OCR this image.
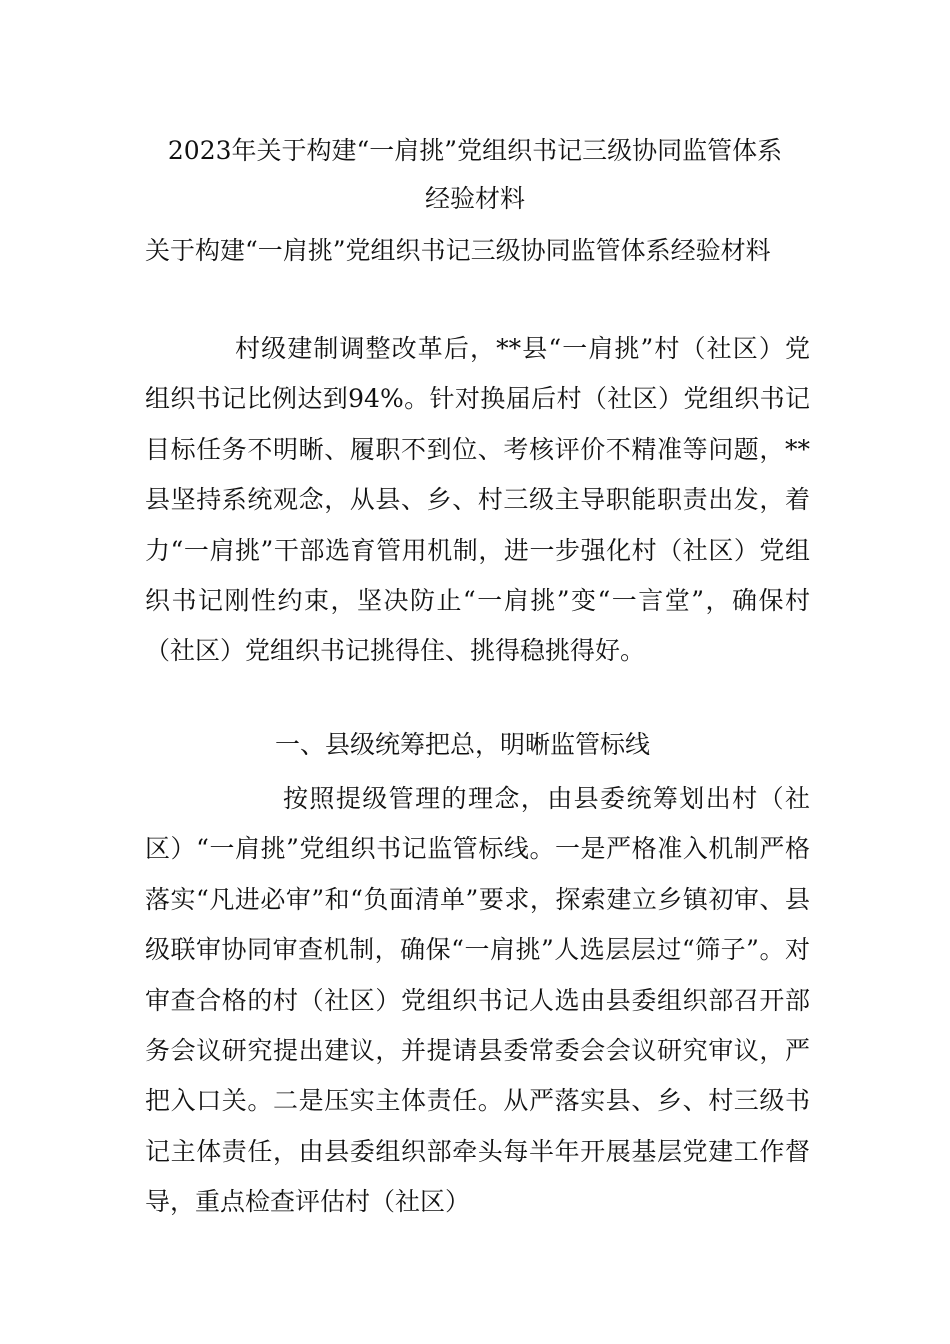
2023年关于构建“一肩挑”党组织书记三级协同监管体系
经验材料

关于构建“一肩挑”党组织书记三级协同监管体系经验材料

村级建制调整改革后，**县“一肩挑”村（社区）党组织书记比例达到94%。针对换届后村（社区）党组织书记目标任务不明晰、履职不到位、考核评价不精准等问题，**县坚持系统观念，从县、乡、村三级主导职能职责出发，着力“一肩挑”干部选育管用机制，进一步强化村（社区）党组织书记刚性约束，坚决防止“一肩挑”变“一言堂”，确保村（社区）党组织书记挑得住、挑得稳挑得好。

一、县级统筹把总，明晰监管标线

按照提级管理的理念，由县委统筹划出村（社区）“一肩挑”党组织书记监管标线。一是严格准入机制严格落实“凡进必审”和“负面清单”要求，探索建立乡镇初审、县级联审协同审查机制，确保“一肩挑”人选层层过“筛子”。对审查合格的村（社区）党组织书记人选由县委组织部召开部务会议研究提出建议，并提请县委常委会会议研究审议，严把入口关。二是压实主体责任。从严落实县、乡、村三级书记主体责任，由县委组织部牵头每半年开展基层党建工作督导，重点检查评估村（社区）
